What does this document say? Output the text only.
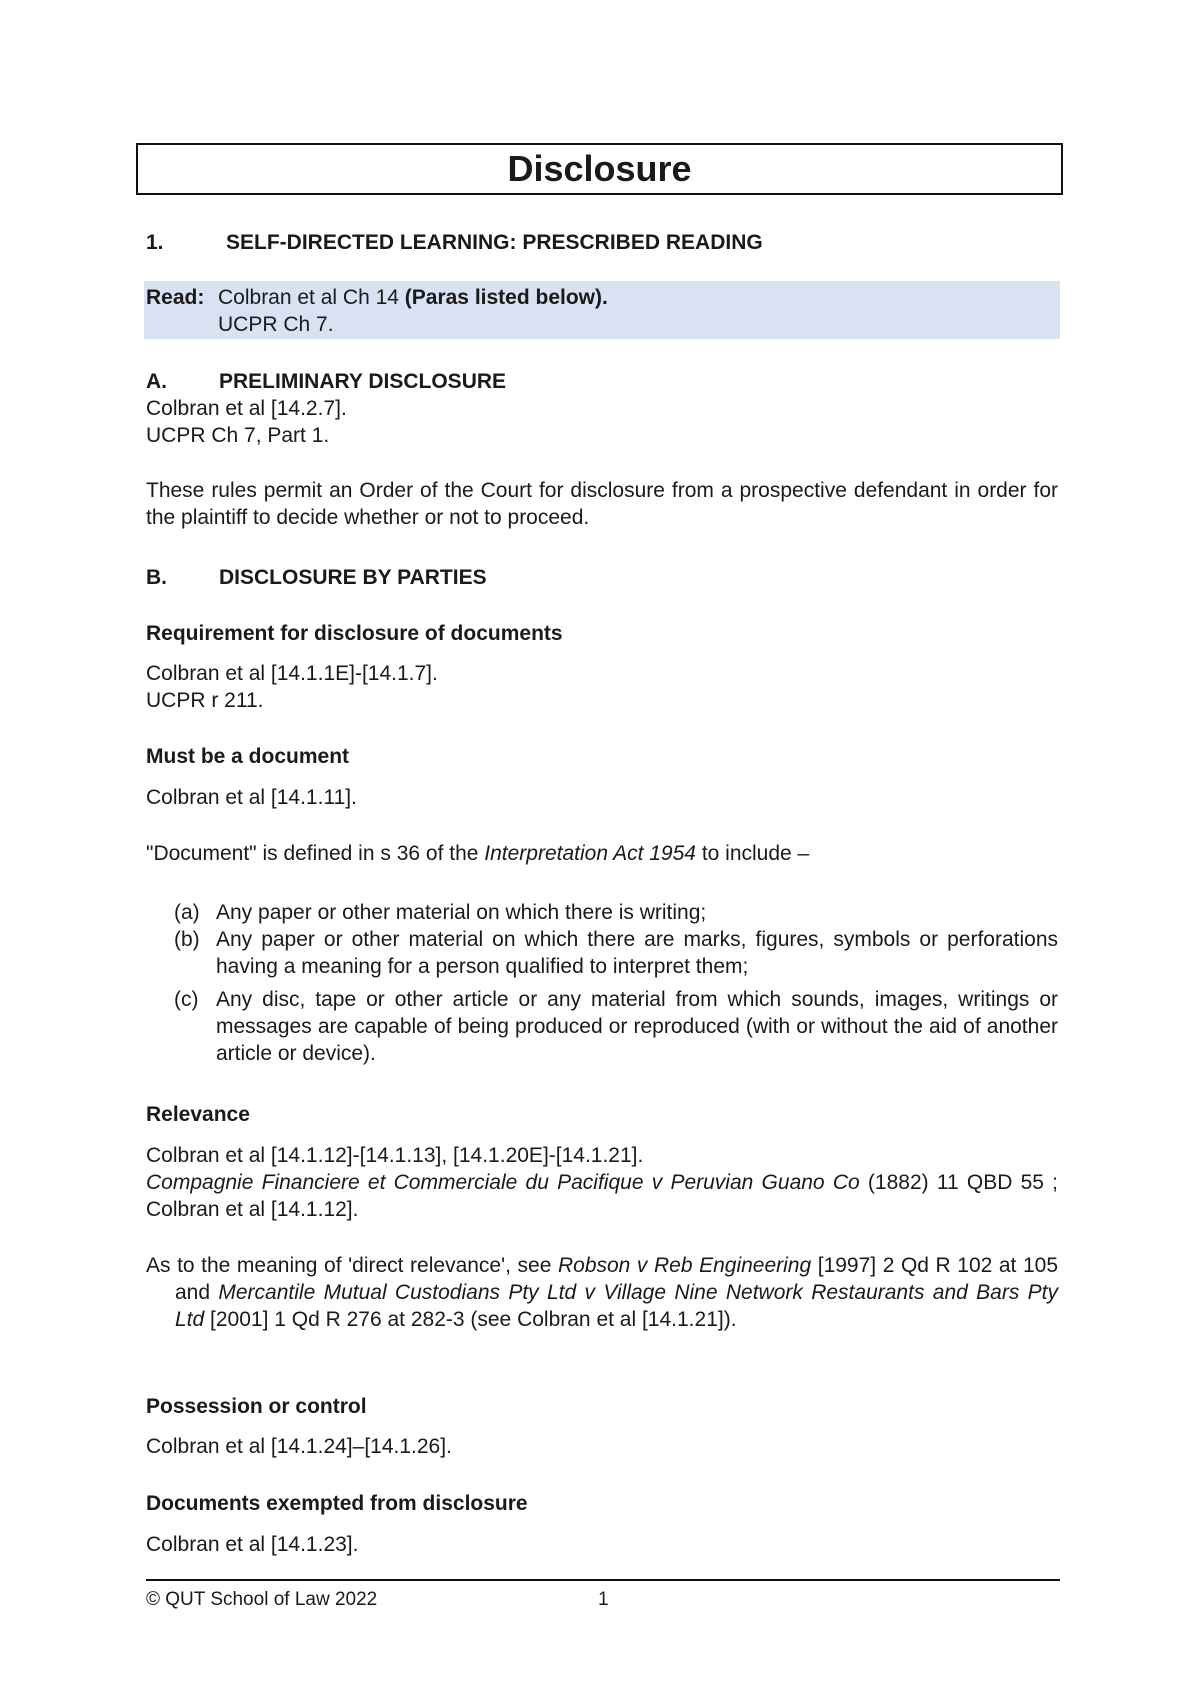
Disclosure
1.	SELF-DIRECTED LEARNING: PRESCRIBED READING
Read: Colbran et al Ch 14 (Paras listed below).
UCPR Ch 7.
A. PRELIMINARY DISCLOSURE
Colbran et al [14.2.7].
UCPR Ch 7, Part 1.
These rules permit an Order of the Court for disclosure from a prospective defendant in order for the plaintiff to decide whether or not to proceed.
B. DISCLOSURE BY PARTIES
Requirement for disclosure of documents
Colbran et al [14.1.1E]-[14.1.7].
UCPR r 211.
Must be a document
Colbran et al [14.1.11].
"Document" is defined in s 36 of the Interpretation Act 1954 to include –
(a) Any paper or other material on which there is writing;
(b) Any paper or other material on which there are marks, figures, symbols or perforations having a meaning for a person qualified to interpret them;
(c) Any disc, tape or other article or any material from which sounds, images, writings or messages are capable of being produced or reproduced (with or without the aid of another article or device).
Relevance
Colbran et al [14.1.12]-[14.1.13], [14.1.20E]-[14.1.21].
Compagnie Financiere et Commerciale du Pacifique v Peruvian Guano Co (1882) 11 QBD 55 ; Colbran et al [14.1.12].
As to the meaning of 'direct relevance', see Robson v Reb Engineering [1997] 2 Qd R 102 at 105 and Mercantile Mutual Custodians Pty Ltd v Village Nine Network Restaurants and Bars Pty Ltd [2001] 1 Qd R 276 at 282-3 (see Colbran et al [14.1.21]).
Possession or control
Colbran et al [14.1.24]–[14.1.26].
Documents exempted from disclosure
Colbran et al [14.1.23].
© QUT School of Law 2022	1
